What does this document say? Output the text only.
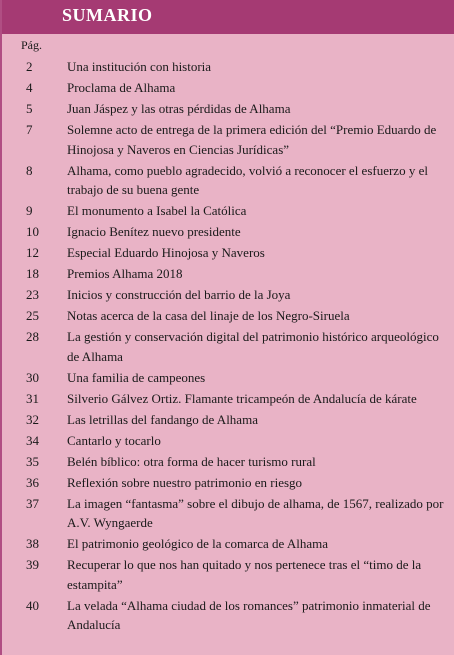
SUMARIO
Pág.
2	Una institución con historia
4	Proclama de Alhama
5	Juan Jáspez y las otras pérdidas de Alhama
7	Solemne acto de entrega de la primera edición del “Premio Eduardo de Hinojosa y Naveros en Ciencias Jurídicas”
8	Alhama, como pueblo agradecido, volvió a reconocer el esfuerzo y el trabajo de su buena gente
9	El monumento a Isabel la Católica
10	Ignacio Benítez nuevo presidente
12	Especial Eduardo Hinojosa y Naveros
18	Premios Alhama 2018
23	Inicios y construcción del barrio de la Joya
25	Notas acerca de la casa del linaje de los Negro-Siruela
28	La gestión y conservación digital del patrimonio histórico arqueológico de Alhama
30	Una familia de campeones
31	Silverio Gálvez Ortiz. Flamante tricampeón de Andalucía de kárate
32	Las letrillas del fandango de Alhama
34	Cantarlo y tocarlo
35	Belén bíblico: otra forma de hacer turismo rural
36	Reflexión sobre nuestro patrimonio en riesgo
37	La imagen “fantasma” sobre el dibujo de alhama, de 1567, realizado por A.V. Wyngaerde
38	El patrimonio geológico de la comarca de Alhama
39	Recuperar lo que nos han quitado y nos pertenece tras el “timo de la estampita”
40	La velada “Alhama ciudad de los romances” patrimonio inmaterial de Andalucía
